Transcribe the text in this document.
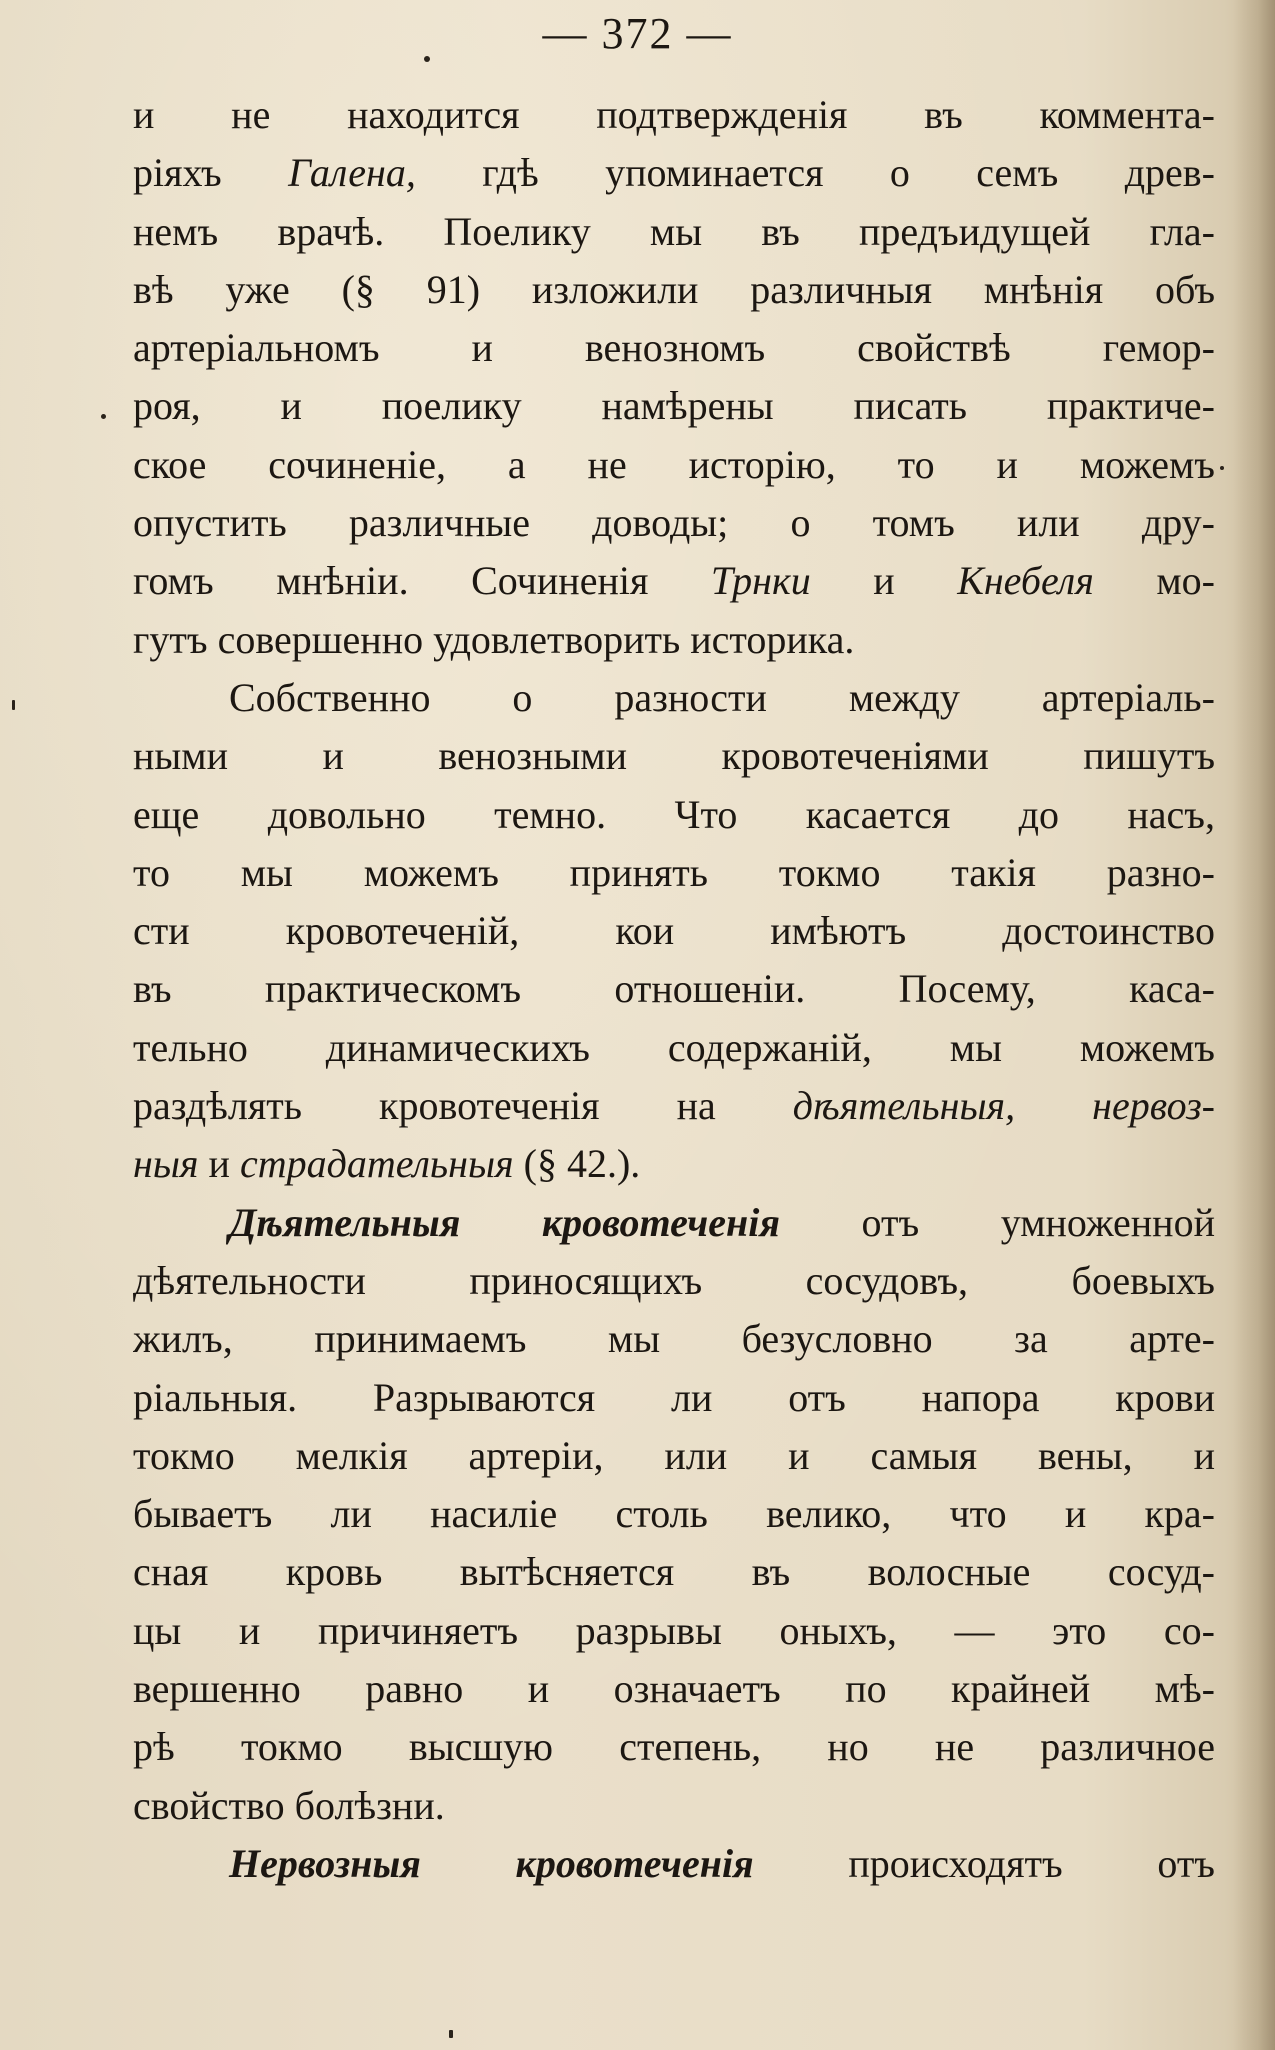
— 372 —
и не находится подтвержденія въ коммента-
ріяхъ Галена, гдѣ упоминается о семъ древ-
немъ врачѣ. Поелику мы въ предъидущей гла-
вѣ уже (§ 91) изложили различныя мнѣнія объ
артеріальномъ и венозномъ свойствѣ гемор-
роя, и поелику намѣрены писать практиче-
ское сочиненіе, а не исторію, то и можемъ
опустить различные доводы; о томъ или дру-
гомъ мнѣніи. Сочиненія Трнки и Кнебеля мо-
гутъ совершенно удовлетворить историка.
Собственно о разности между артеріаль-
ными и венозными кровотеченіями пишутъ
еще довольно темно. Что касается до насъ,
то мы можемъ принять токмо такія разно-
сти кровотеченій, кои имѣютъ достоинство
въ практическомъ отношеніи. Посему, каса-
тельно динамическихъ содержаній, мы можемъ
раздѣлять кровотеченія на дѣятельныя, нервоз-
ныя и страдательныя (§ 42.).
Дѣятельныя кровотеченія отъ умноженной
дѣятельности приносящихъ сосудовъ, боевыхъ
жилъ, принимаемъ мы безусловно за арте-
ріальныя. Разрываются ли отъ напора крови
токмо мелкія артеріи, или и самыя вены, и
бываетъ ли насиліе столь велико, что и кра-
сная кровь вытѣсняется въ волосные сосуд-
цы и причиняетъ разрывы оныхъ, — это со-
вершенно равно и означаетъ по крайней мѣ-
рѣ токмо высшую степень, но не различное
свойство болѣзни.
Нервозныя кровотеченія происходятъ отъ
